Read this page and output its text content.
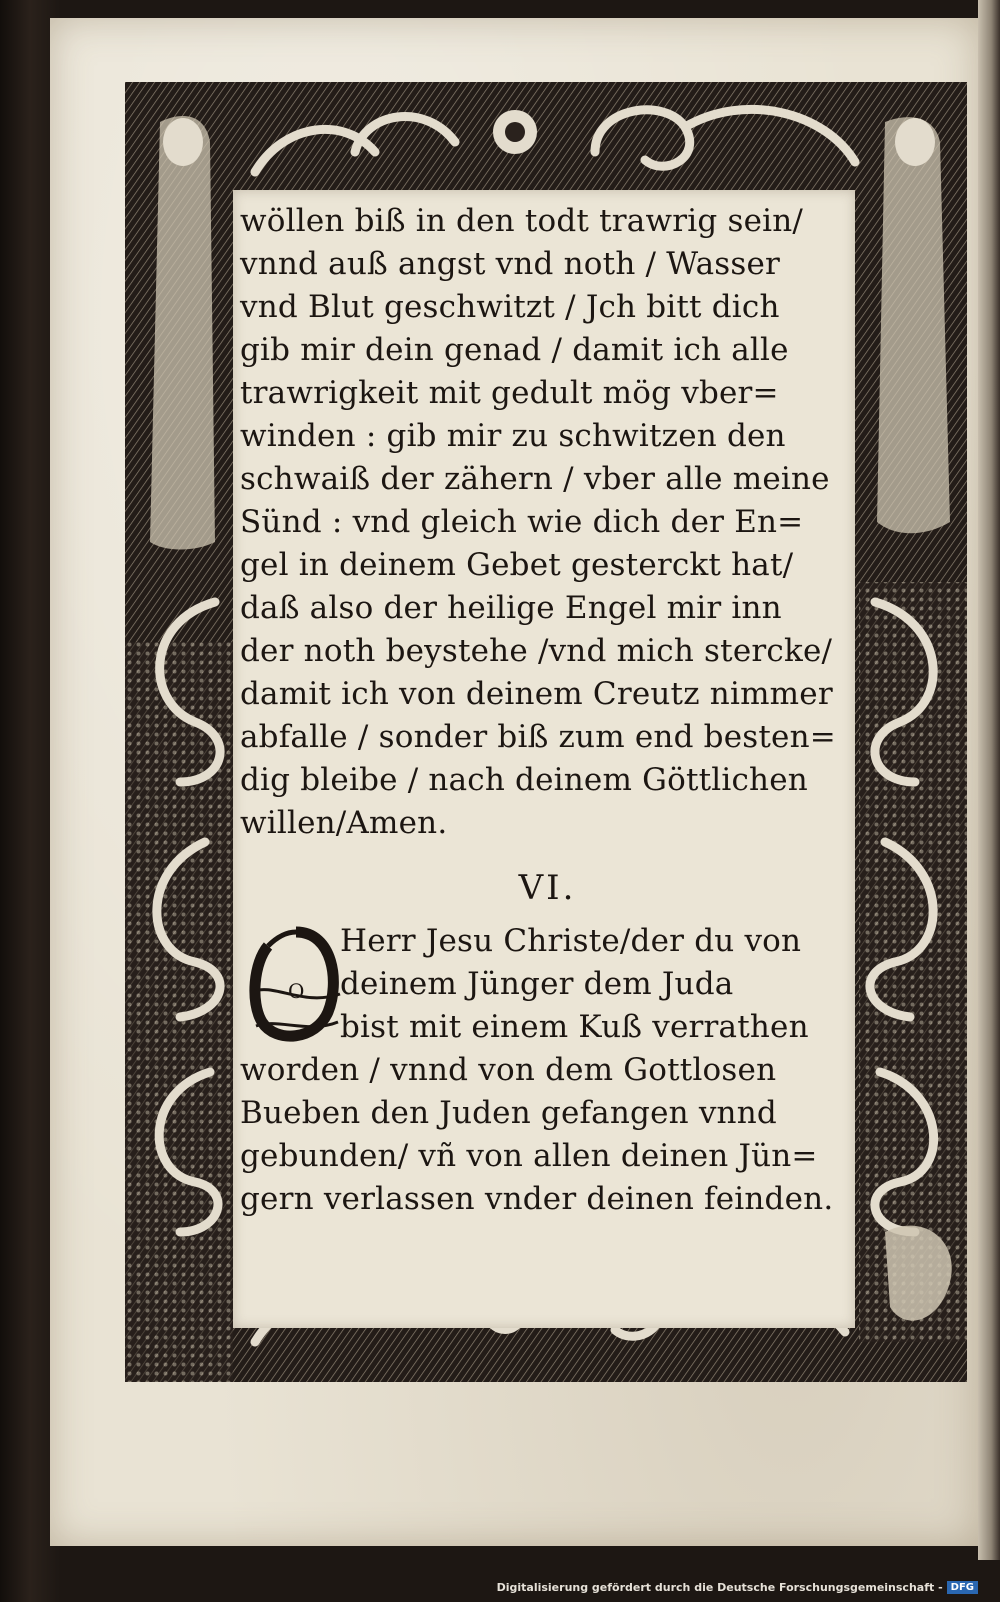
wöllen biß in den todt trawrig sein/
vnnd auß angst vnd noth / Wasser
vnd Blut geschwitzt / Jch bitt dich
gib mir dein genad / damit ich alle
trawrigkeit mit gedult mög vber=
winden : gib mir zu schwitzen den
schwaiß der zähern / vber alle meine
Sünd : vnd gleich wie dich der En=
gel in deinem Gebet gesterckt hat/
daß also der heilige Engel mir inn
der noth beystehe /vnd mich stercke/
damit ich von deinem Creutz nimmer
abfalle / sonder biß zum end besten=
dig bleibe / nach deinem Göttlichen
willen/Amen.
VI.
O
Herr Jesu Christe/der du von
deinem Jünger dem Juda
bist mit einem Kuß verrathen
worden / vnnd von dem Gottlosen
Bueben den Juden gefangen vnnd
gebunden/ vñ von allen deinen Jün=
gern verlassen vnder deinen feinden.
Digitalisierung gefördert durch die Deutsche Forschungsgemeinschaft - DFG
